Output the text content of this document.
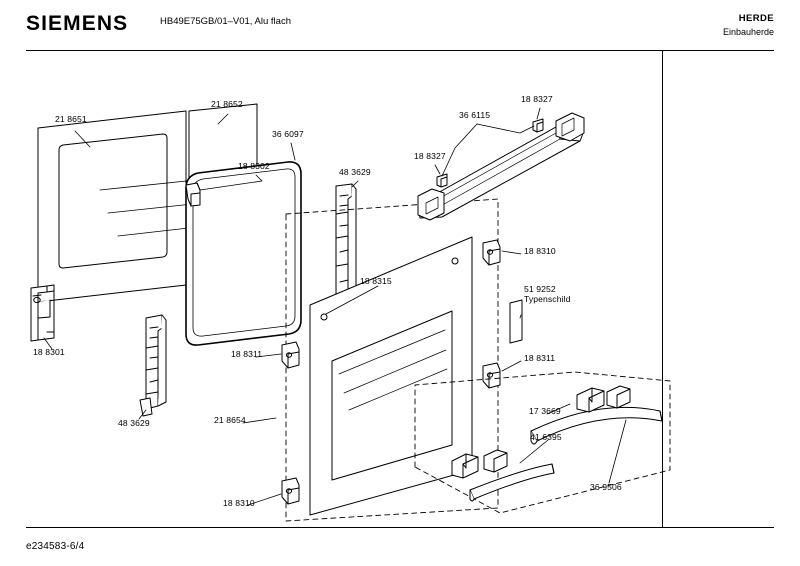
SIEMENS	HB49E75GB/01–V01, Alu flach	HERDE
Einbauherde
e234583-6/4
21 8651
21 8652
36 6097
18 8302
48 3629
36 6115
18 8327
18 8327
18 8310
51 9252
Typenschild
18 8315
18 8301	18 8311	18 8311
48 3629	21 8654
17 3669
41 6395
36 9506
18 8310
